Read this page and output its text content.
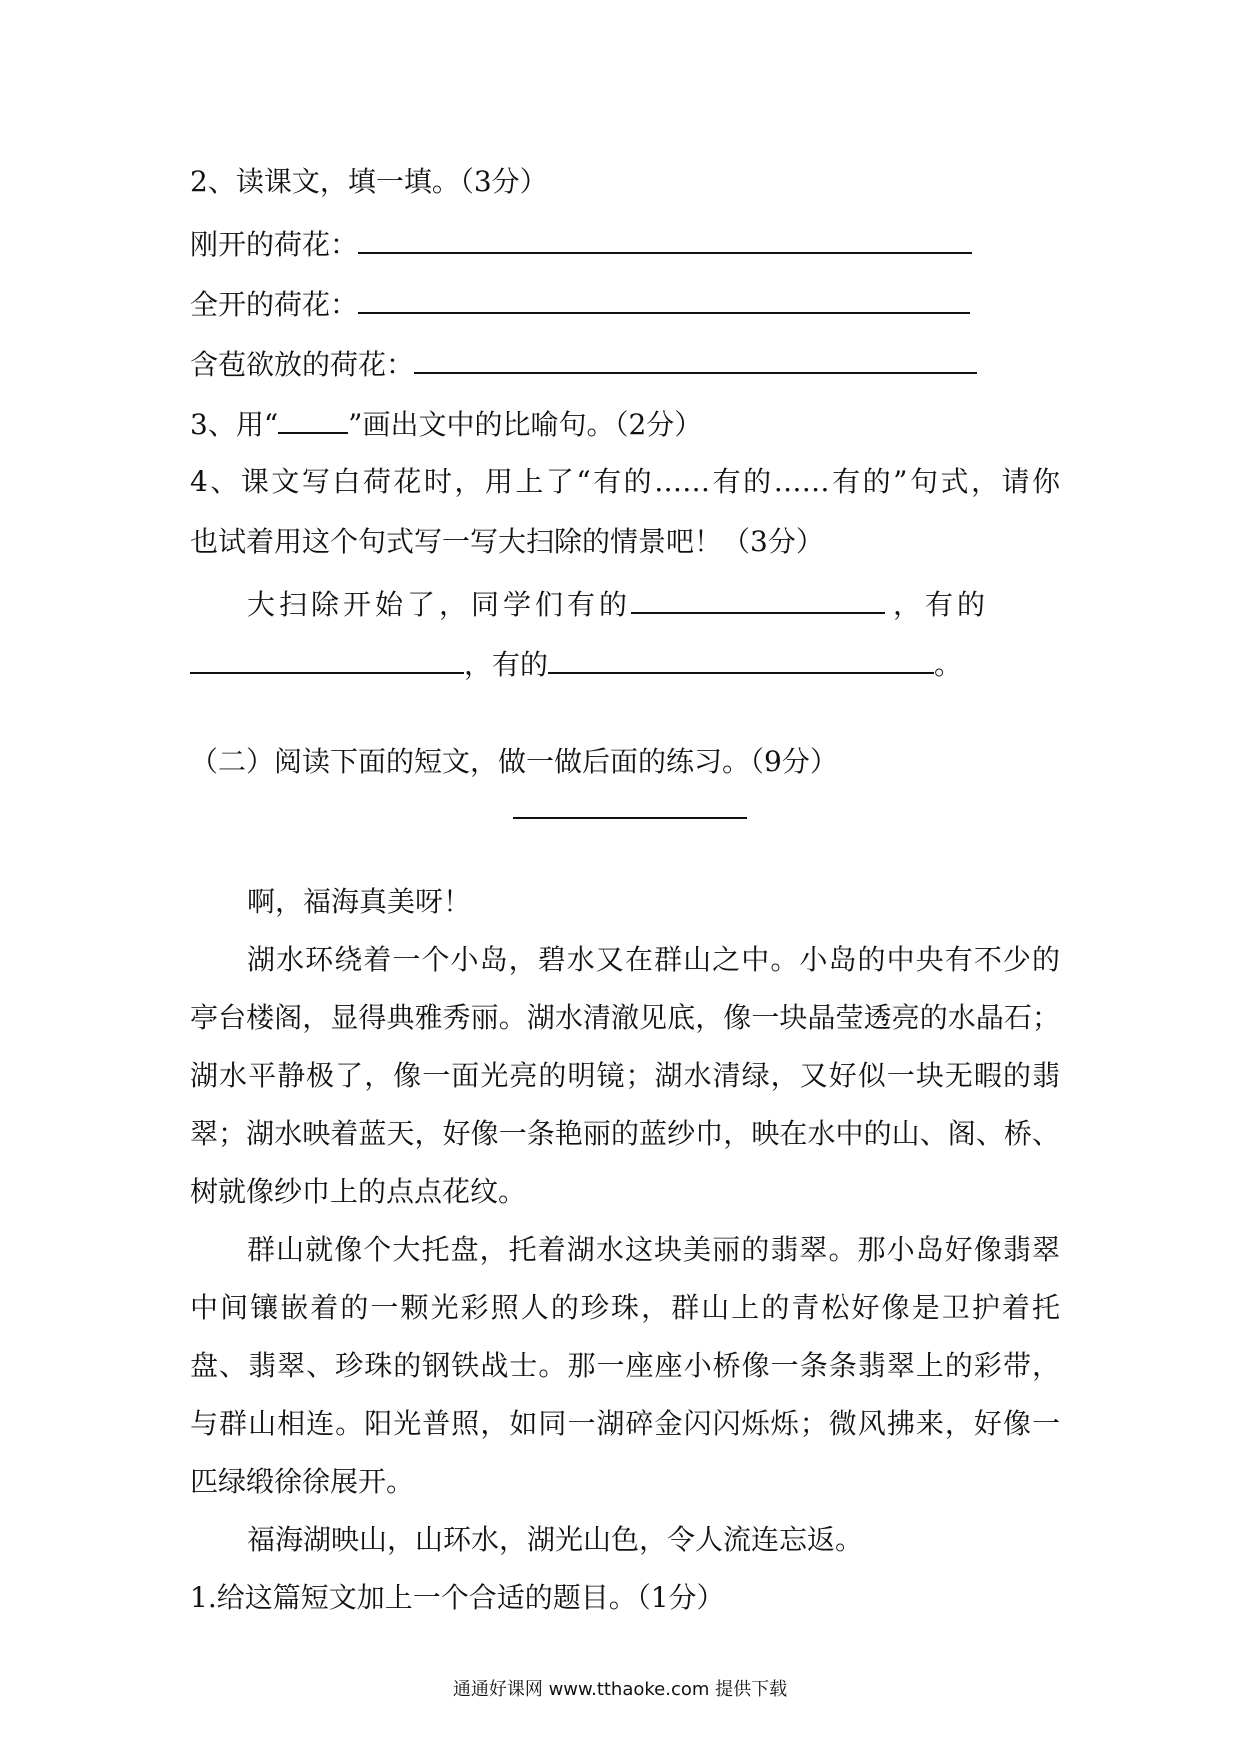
2、读课文，填一填。（3分）
刚开的荷花：
全开的荷花：
含苞欲放的荷花：
3、用“	”画出文中的比喻句。（2分）
4、课文写白荷花时，用上了“有的……有的……有的”句式，请你
也试着用这个句式写一写大扫除的情景吧！（3分）
大扫除开始了，同学们有的	，有的
，有的	。
（二）阅读下面的短文，做一做后面的练习。（9分）
啊，福海真美呀！
湖水环绕着一个小岛，碧水又在群山之中。小岛的中央有不少的
亭台楼阁，显得典雅秀丽。湖水清澈见底，像一块晶莹透亮的水晶石；
湖水平静极了，像一面光亮的明镜；湖水清绿，又好似一块无暇的翡
翠；湖水映着蓝天，好像一条艳丽的蓝纱巾，映在水中的山、阁、桥、
树就像纱巾上的点点花纹。
群山就像个大托盘，托着湖水这块美丽的翡翠。那小岛好像翡翠
中间镶嵌着的一颗光彩照人的珍珠，群山上的青松好像是卫护着托
盘、翡翠、珍珠的钢铁战士。那一座座小桥像一条条翡翠上的彩带，
与群山相连。阳光普照，如同一湖碎金闪闪烁烁；微风拂来，好像一
匹绿缎徐徐展开。
福海湖映山，山环水，湖光山色，令人流连忘返。
1.给这篇短文加上一个合适的题目。（1分）
通通好课网 www.tthaoke.com 提供下载
